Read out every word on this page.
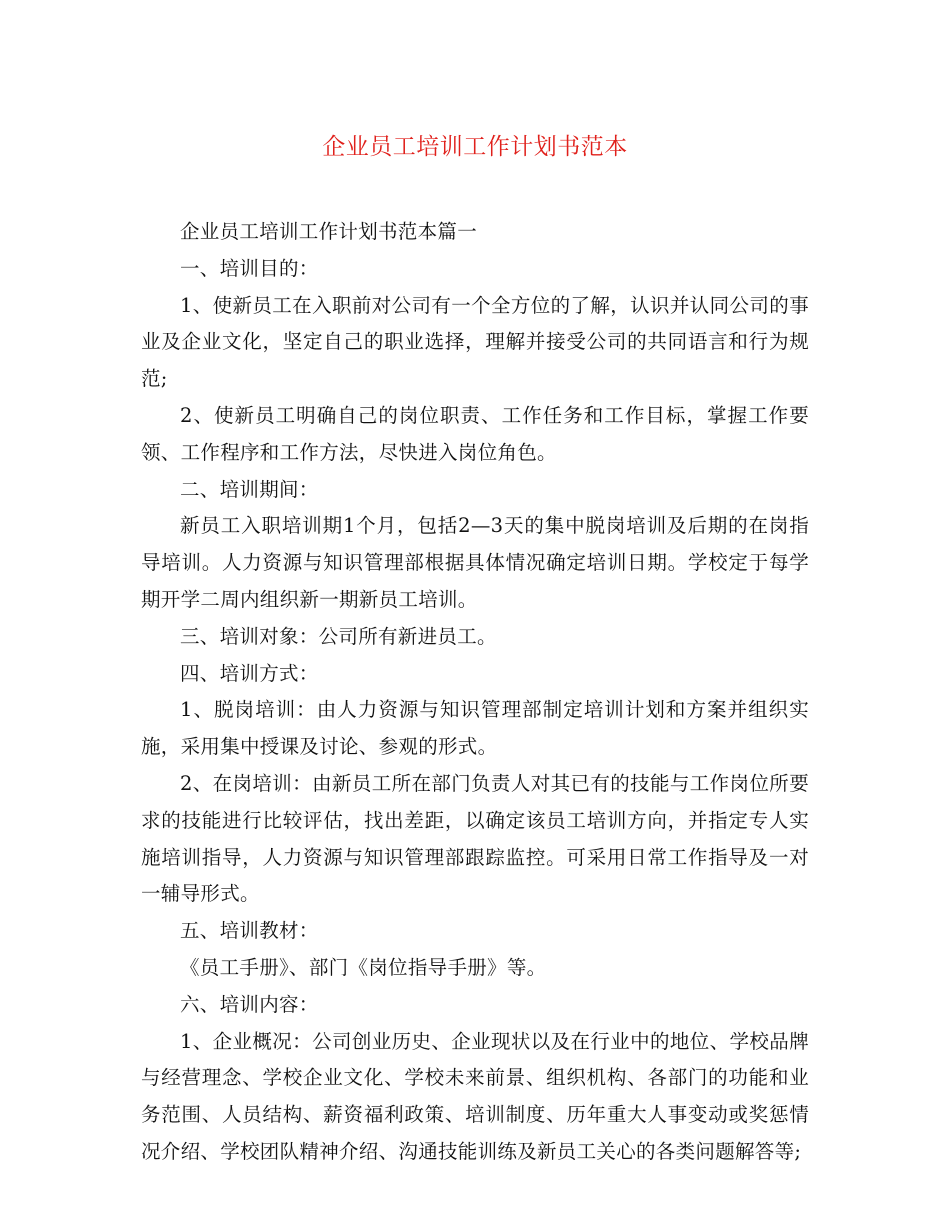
企业员工培训工作计划书范本

企业员工培训工作计划书范本篇一

一、培训目的：

1、使新员工在入职前对公司有一个全方位的了解，认识并认同公司的事业及企业文化，坚定自己的职业选择，理解并接受公司的共同语言和行为规范;

2、使新员工明确自己的岗位职责、工作任务和工作目标，掌握工作要领、工作程序和工作方法，尽快进入岗位角色。

二、培训期间：

新员工入职培训期1个月，包括2—3天的集中脱岗培训及后期的在岗指导培训。人力资源与知识管理部根据具体情况确定培训日期。学校定于每学期开学二周内组织新一期新员工培训。

三、培训对象：公司所有新进员工。

四、培训方式：

1、脱岗培训：由人力资源与知识管理部制定培训计划和方案并组织实施，采用集中授课及讨论、参观的形式。

2、在岗培训：由新员工所在部门负责人对其已有的技能与工作岗位所要求的技能进行比较评估，找出差距，以确定该员工培训方向，并指定专人实施培训指导，人力资源与知识管理部跟踪监控。可采用日常工作指导及一对一辅导形式。

五、培训教材：

《员工手册》、部门《岗位指导手册》等。

六、培训内容：

1、企业概况：公司创业历史、企业现状以及在行业中的地位、学校品牌与经营理念、学校企业文化、学校未来前景、组织机构、各部门的功能和业务范围、人员结构、薪资福利政策、培训制度、历年重大人事变动或奖惩情况介绍、学校团队精神介绍、沟通技能训练及新员工关心的各类问题解答等;
